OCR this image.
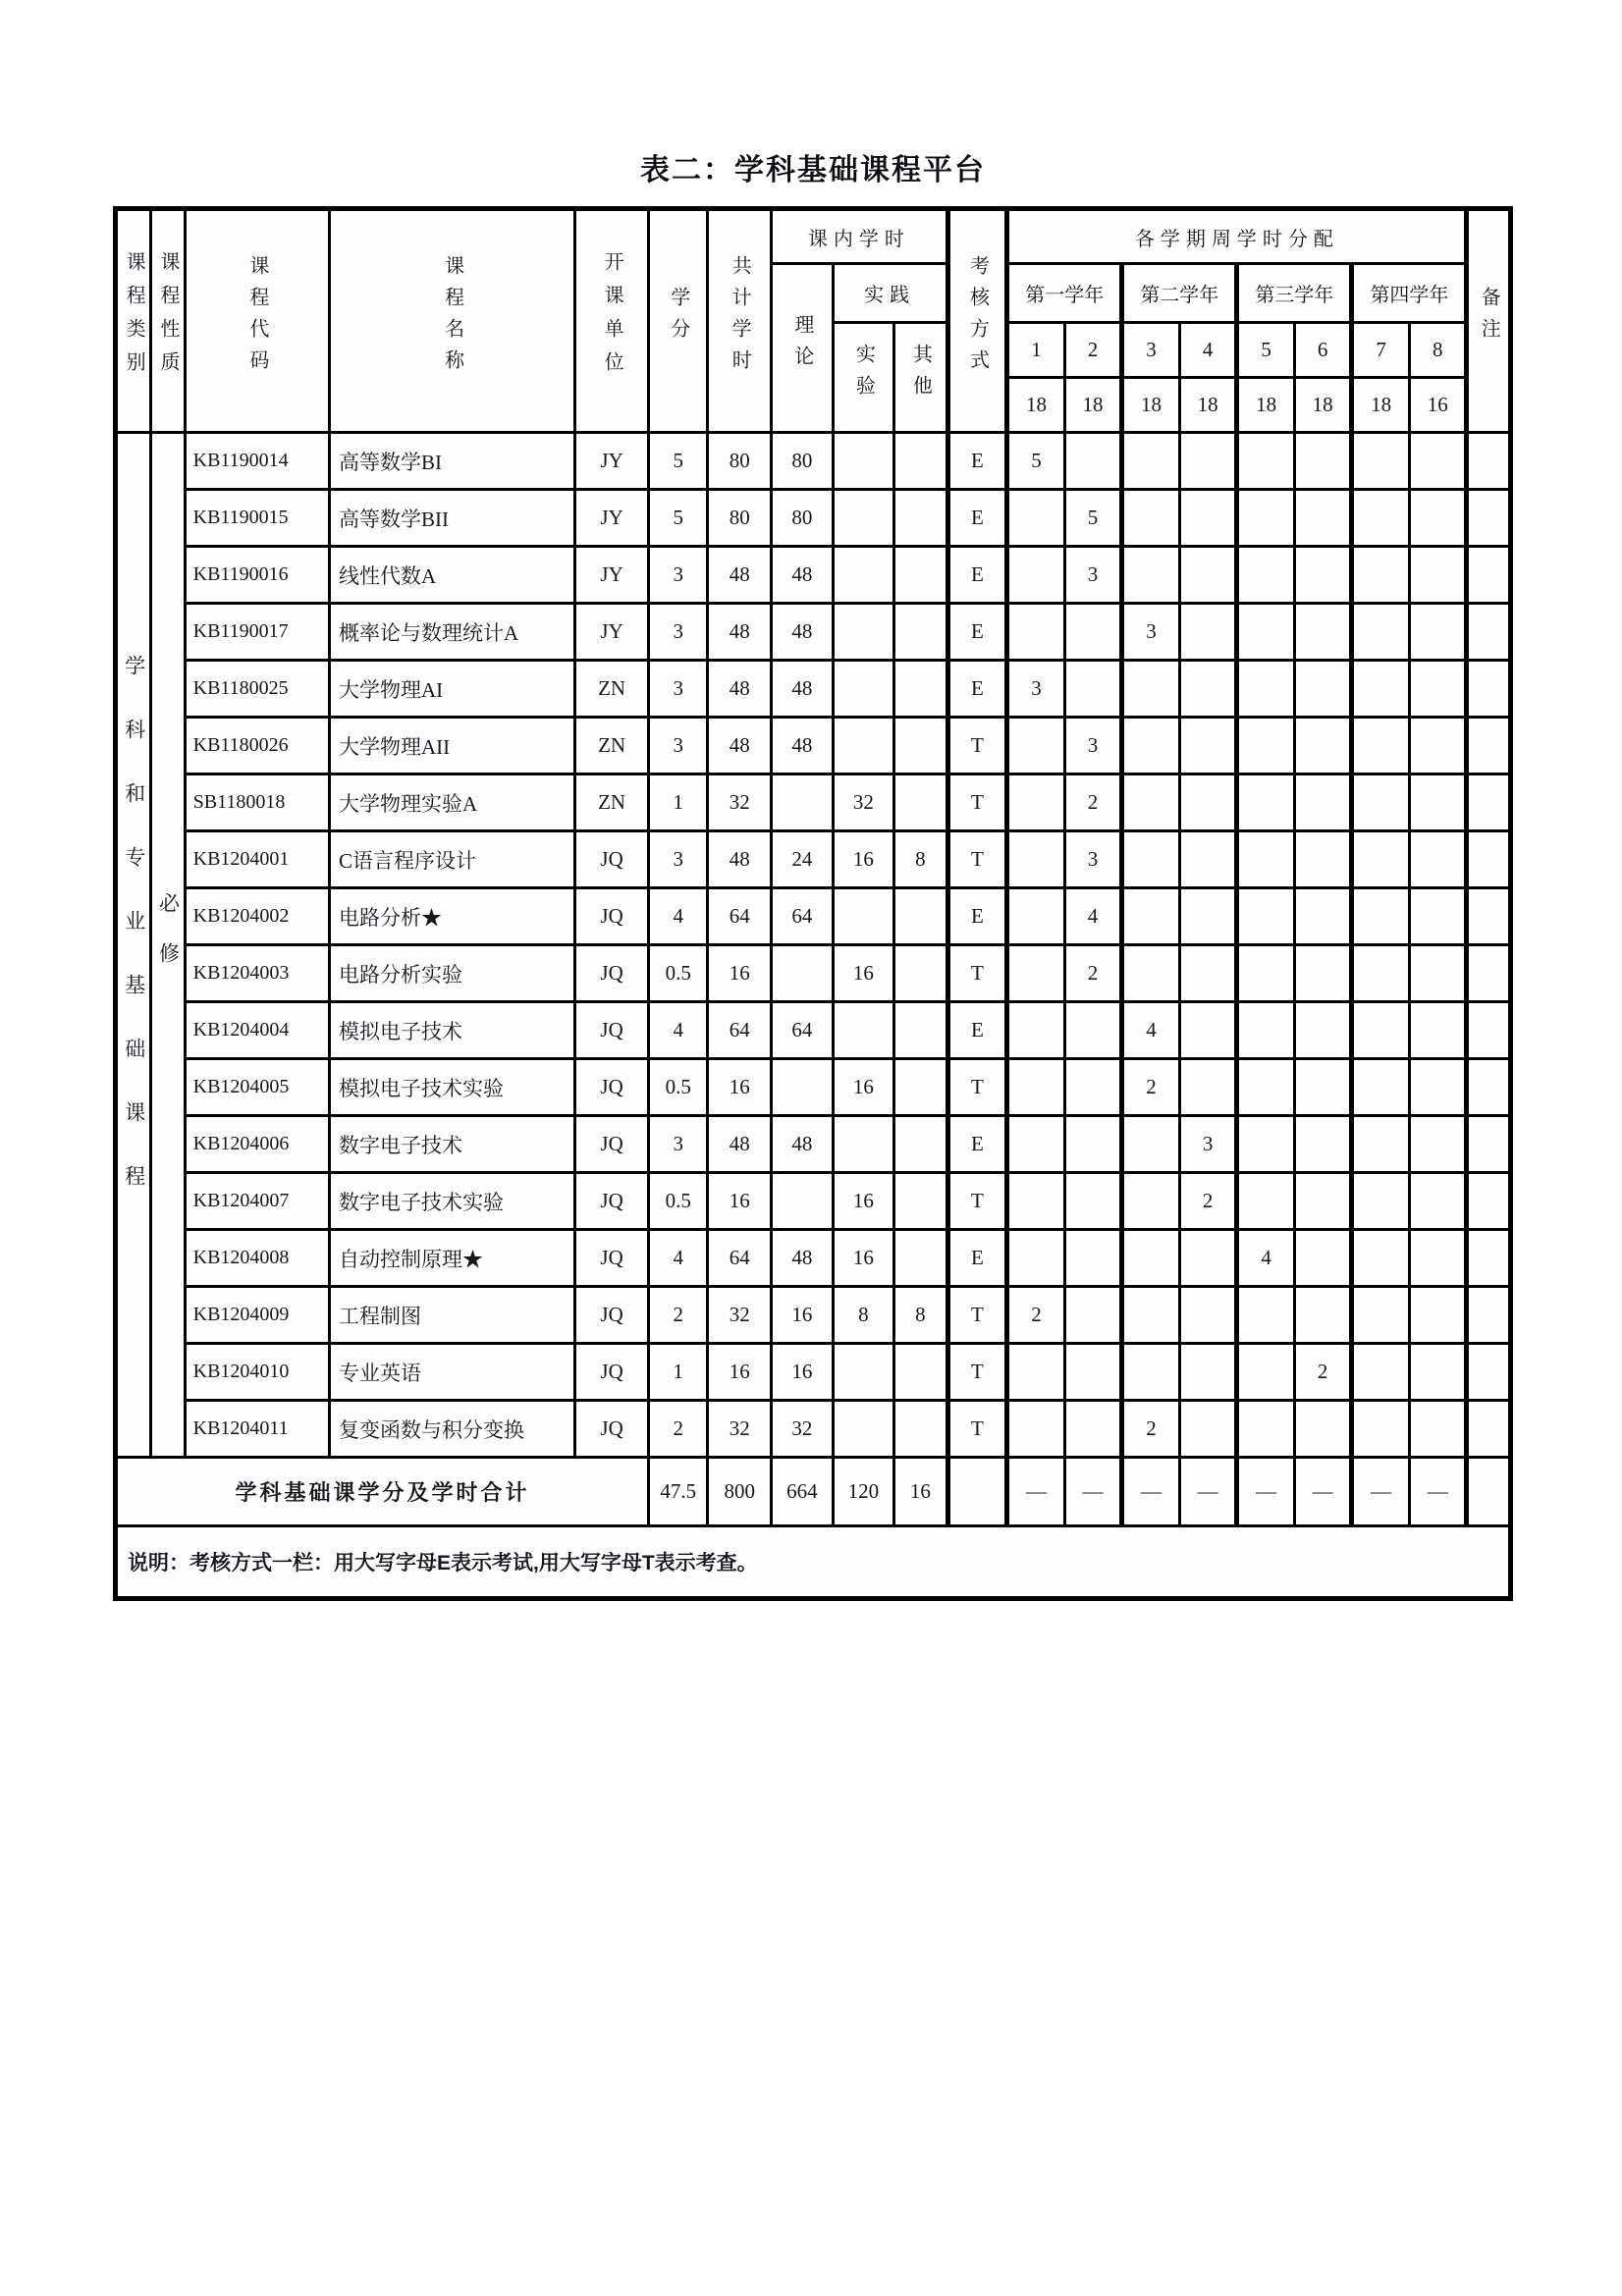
表二：学科基础课程平台
课程类别	课程性质	课程代码	课程名称	开课单位	学分	共计学时	课内学时			考核方式	各学期周学时分配								备注
							理论	实践			第一学年		第二学年		第三学年		第四学年		
								实验	其他		1	2	3	4	5	6	7	8	
											18	18	18	18	18	18	18	16	
学科和专业基础课程	必修	KB1190014	高等数学BI	JY	5	80	80			E	5								
		KB1190015	高等数学BII	JY	5	80	80			E		5							
		KB1190016	线性代数A	JY	3	48	48			E		3							
		KB1190017	概率论与数理统计A	JY	3	48	48			E			3						
		KB1180025	大学物理AI	ZN	3	48	48			E	3								
		KB1180026	大学物理AII	ZN	3	48	48			T		3							
		SB1180018	大学物理实验A	ZN	1	32		32		T		2							
		KB1204001	C语言程序设计	JQ	3	48	24	16	8	T		3							
		KB1204002	电路分析★	JQ	4	64	64			E		4							
		KB1204003	电路分析实验	JQ	0.5	16		16		T		2							
		KB1204004	模拟电子技术	JQ	4	64	64			E			4						
		KB1204005	模拟电子技术实验	JQ	0.5	16		16		T			2						
		KB1204006	数字电子技术	JQ	3	48	48			E				3					
		KB1204007	数字电子技术实验	JQ	0.5	16		16		T				2					
		KB1204008	自动控制原理★	JQ	4	64	48	16		E					4				
		KB1204009	工程制图	JQ	2	32	16	8	8	T	2								
		KB1204010	专业英语	JQ	1	16	16			T						2			
		KB1204011	复变函数与积分变换	JQ	2	32	32			T			2						
学科基础课学分及学时合计					47.5	800	664	120	16		—	—	—	—	—	—	—	—	
说明：考核方式一栏：用大写字母E表示考试,用大写字母T表示考查。																			
